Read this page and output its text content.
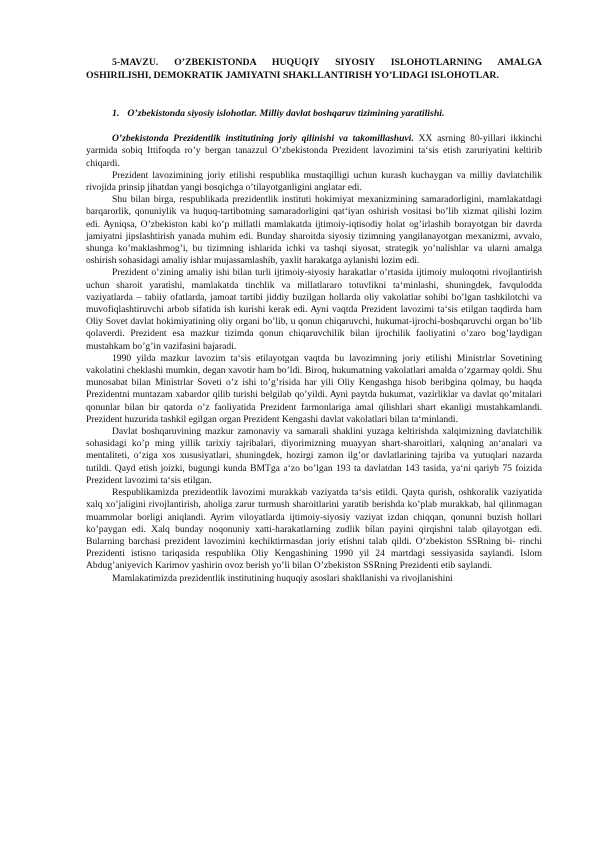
5-MAVZU. O’ZBEKISTONDA HUQUQIY SIYOSIY ISLOHOTLARNING AMALGA OSHIRILISHI, DEMOKRATIK JAMIYATNI SHAKLLANTIRISH YO’LIDAGI ISLOHOTLAR.

1. O’zbekistonda siyosiy islohotlar. Milliy davlat boshqaruv tizimining yaratilishi.

O’zbekistonda Prezidentlik institutining joriy qilinishi va takomillashuvi. XX asrning 80-yillari ikkinchi yarmida sobiq Ittifoqda ro’y bergan tanazzul O’zbekistonda Prezident lavozimini ta‘sis etish zaruriyatini keltirib chiqardi.

Prezident lavozimining joriy etilishi respublika mustaqilligi uchun kurash kuchaygan va milliy davlatchilik rivojida prinsip jihatdan yangi bosqichga o’tilayotganligini anglatar edi.

Shu bilan birga, respublikada prezidentlik instituti hokimiyat mexanizmining samaradorligini, mamlakatdagi barqarorlik, qonuniylik va huquq-tartibotning samaradorligini qat‘iyan oshirish vositasi bo’lib xizmat qilishi lozim edi. Ayniqsa, O’zbekiston kabi ko’p millatli mamlakatda ijtimoiy-iqtisodiy holat og’irlashib borayotgan bir davrda jamiyatni jipslashtirish yanada muhim edi. Bunday sharoitda siyosiy tizimning yangilanayotgan mexanizmi, avvalo, shunga ko’maklashmog’i, bu tizimning ishlarida ichki va tashqi siyosat, strategik yo’nalishlar va ularni amalga oshirish sohasidagi amaliy ishlar mujassamlashib, yaxlit harakatga aylanishi lozim edi.

Prezident o’zining amaliy ishi bilan turli ijtimoiy-siyosiy harakatlar o’rtasida ijtimoiy muloqotni rivojlantirish uchun sharoit yaratishi, mamlakatda tinchlik va millatlararo totuvlikni ta‘minlashi, shuningdek, favqulodda vaziyatlarda – tabiiy ofatlarda, jamoat tartibi jiddiy buzilgan hollarda oliy vakolatlar sohibi bo’lgan tashkilotchi va muvofiqlashtiruvchi arbob sifatida ish kurishi kerak edi. Ayni vaqtda Prezident lavozimi ta‘sis etilgan taqdirda ham Oliy Sovet davlat hokimiyatining oliy organi bo’lib, u qonun chiqaruvchi, hukumat-ijrochi-boshqaruvchi organ bo’lib qolaverdi. Prezident esa mazkur tizimda qonun chiqaruvchilik bilan ijrochilik faoliyatini o’zaro bog’laydigan mustahkam bo’g’in vazifasini bajaradi.

1990 yilda mazkur lavozim ta‘sis etilayotgan vaqtda bu lavozimning joriy etilishi Ministrlar Sovetining vakolatini cheklashi mumkin, degan xavotir ham bo’ldi. Biroq, hukumatning vakolatlari amalda o’zgarmay qoldi. Shu munosabat bilan Ministrlar Soveti o’z ishi to’g’risida har yili Oliy Kengashga hisob beribgina qolmay, bu haqda Prezidentni muntazam xabardor qilib turishi belgilab qo’yildi. Ayni paytda hukumat, vazirliklar va davlat qo’mitalari qonunlar bilan bir qatorda o’z faoliyatida Prezident farmonlariga amal qilishlari shart ekanligi mustahkamlandi. Prezident huzurida tashkil egilgan organ Prezident Kengashi davlat vakolatlari bilan ta‘minlandi.

Davlat boshqaruvining mazkur zamonaviy va samarali shaklini yuzaga keltirishda xalqimizning davlatchilik sohasidagi ko’p ming yillik tarixiy tajribalari, diyorimizning muayyan shart-sharoitlari, xalqning an‘analari va mentaliteti, o’ziga xos xususiyatlari, shuningdek, hozirgi zamon ilg’or davlatlarining tajriba va yutuqlari nazarda tutildi. Qayd etish joizki, bugungi kunda BMTga a‘zo bo’lgan 193 ta davlatdan 143 tasida, ya‘ni qariyb 75 foizida Prezident lavozimi ta‘sis etilgan.

Respublikamizda prezidentlik lavozimi murakkab vaziyatda ta‘sis etildi. Qayta qurish, oshkoralik vaziyatida xalq xo’jaligini rivojlantirish, aholiga zarur turmush sharoitlarini yaratib berishda ko’plab murakkab, hal qilinmagan muammolar borligi aniqlandi. Ayrim viloyatlarda ijtimoiy-siyosiy vaziyat izdan chiqqan, qonunni buzish hollari ko’paygan edi. Xalq bunday noqonuniy xatti-harakatlarning zudlik bilan payini qirqishni talab qilayotgan edi. Bularning barchasi prezident lavozimini kechiktirmasdan joriy etishni talab qildi. O’zbekiston SSRning bi- rinchi Prezidenti istisno tariqasida respublika Oliy Kengashining 1990 yil 24 martdagi sessiyasida saylandi. Islom Abdug’aniyevich Karimov yashirin ovoz berish yo’li bilan O’zbekiston SSRning Prezidenti etib saylandi.

Mamlakatimizda prezidentlik institutining huquqiy asoslari shakllanishi va rivojlanishini
